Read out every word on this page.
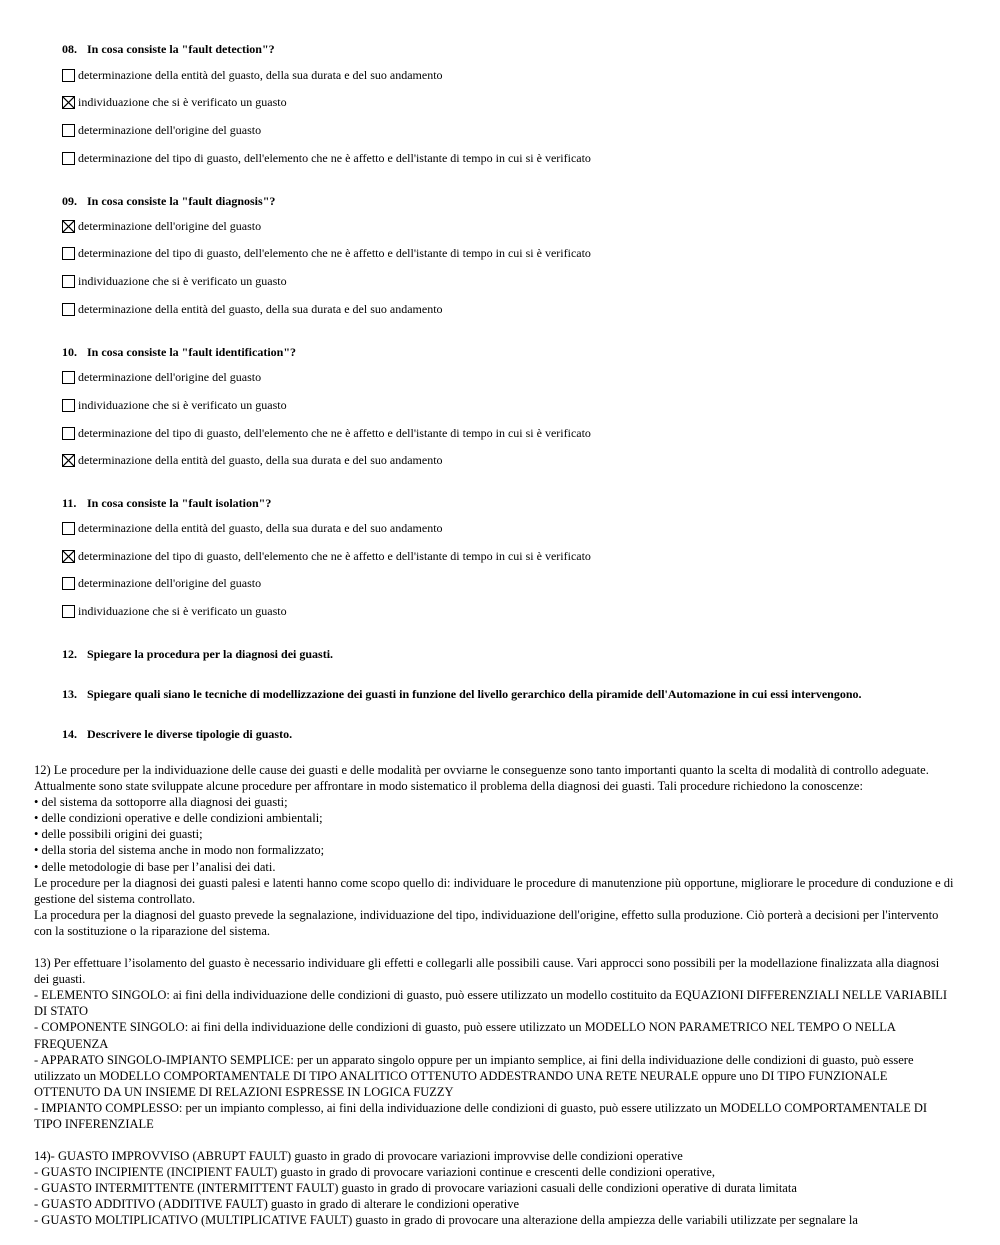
08. In cosa consiste la "fault detection"?
determinazione della entità del guasto, della sua durata e del suo andamento
individuazione che si è verificato un guasto
determinazione dell'origine del guasto
determinazione del tipo di guasto, dell'elemento che ne è affetto e dell'istante di tempo in cui si è verificato
09. In cosa consiste la "fault diagnosis"?
determinazione dell'origine del guasto
determinazione del tipo di guasto, dell'elemento che ne è affetto e dell'istante di tempo in cui si è verificato
individuazione che si è verificato un guasto
determinazione della entità del guasto, della sua durata e del suo andamento
10. In cosa consiste la "fault identification"?
determinazione dell'origine del guasto
individuazione che si è verificato un guasto
determinazione del tipo di guasto, dell'elemento che ne è affetto e dell'istante di tempo in cui si è verificato
determinazione della entità del guasto, della sua durata e del suo andamento
11. In cosa consiste la "fault isolation"?
determinazione della entità del guasto, della sua durata e del suo andamento
determinazione del tipo di guasto, dell'elemento che ne è affetto e dell'istante di tempo in cui si è verificato
determinazione dell'origine del guasto
individuazione che si è verificato un guasto
12. Spiegare la procedura per la diagnosi dei guasti.
13. Spiegare quali siano le tecniche di modellizzazione dei guasti in funzione del livello gerarchico della piramide dell'Automazione in cui essi intervengono.
14. Descrivere le diverse tipologie di guasto.

12) Le procedure per la individuazione delle cause dei guasti e delle modalità per ovviarne le conseguenze sono tanto importanti quanto la scelta di modalità di controllo adeguate. Attualmente sono state sviluppate alcune procedure per affrontare in modo sistematico il problema della diagnosi dei guasti. Tali procedure richiedono la conoscenze:

• del sistema da sottoporre alla diagnosi dei guasti;

• delle condizioni operative e delle condizioni ambientali;

• delle possibili origini dei guasti;

• della storia del sistema anche in modo non formalizzato;

• delle metodologie di base per l’analisi dei dati.

Le procedure per la diagnosi dei guasti palesi e latenti hanno come scopo quello di: individuare le procedure di manutenzione più opportune, migliorare le procedure di conduzione e di gestione del sistema controllato.

La procedura per la diagnosi del guasto prevede la segnalazione, individuazione del tipo, individuazione dell'origine, effetto sulla produzione. Ciò porterà a decisioni per l'intervento con la sostituzione o la riparazione del sistema.

13) Per effettuare l’isolamento del guasto è necessario individuare gli effetti e collegarli alle possibili cause. Vari approcci sono possibili per la modellazione finalizzata alla diagnosi dei guasti.

- ELEMENTO SINGOLO: ai fini della individuazione delle condizioni di guasto, può essere utilizzato un modello costituito da EQUAZIONI DIFFERENZIALI NELLE VARIABILI DI STATO

- COMPONENTE SINGOLO: ai fini della individuazione delle condizioni di guasto, può essere utilizzato un MODELLO NON PARAMETRICO NEL TEMPO O NELLA FREQUENZA

- APPARATO SINGOLO-IMPIANTO SEMPLICE: per un apparato singolo oppure per un impianto semplice, ai fini della individuazione delle condizioni di guasto, può essere utilizzato un MODELLO COMPORTAMENTALE DI TIPO ANALITICO OTTENUTO ADDESTRANDO UNA RETE NEURALE oppure uno DI TIPO FUNZIONALE OTTENUTO DA UN INSIEME DI RELAZIONI ESPRESSE IN LOGICA FUZZY

- IMPIANTO COMPLESSO: per un impianto complesso, ai fini della individuazione delle condizioni di guasto, può essere utilizzato un MODELLO COMPORTAMENTALE DI TIPO INFERENZIALE

14)- GUASTO IMPROVVISO (ABRUPT FAULT) guasto in grado di provocare variazioni improvvise delle condizioni operative

- GUASTO INCIPIENTE (INCIPIENT FAULT) guasto in grado di provocare variazioni continue e crescenti delle condizioni operative,

- GUASTO INTERMITTENTE (INTERMITTENT FAULT) guasto in grado di provocare variazioni casuali delle condizioni operative di durata limitata

- GUASTO ADDITIVO (ADDITIVE FAULT) guasto in grado di alterare le condizioni operative

- GUASTO MOLTIPLICATIVO (MULTIPLICATIVE FAULT) guasto in grado di provocare una alterazione della ampiezza delle variabili utilizzate per segnalare la
